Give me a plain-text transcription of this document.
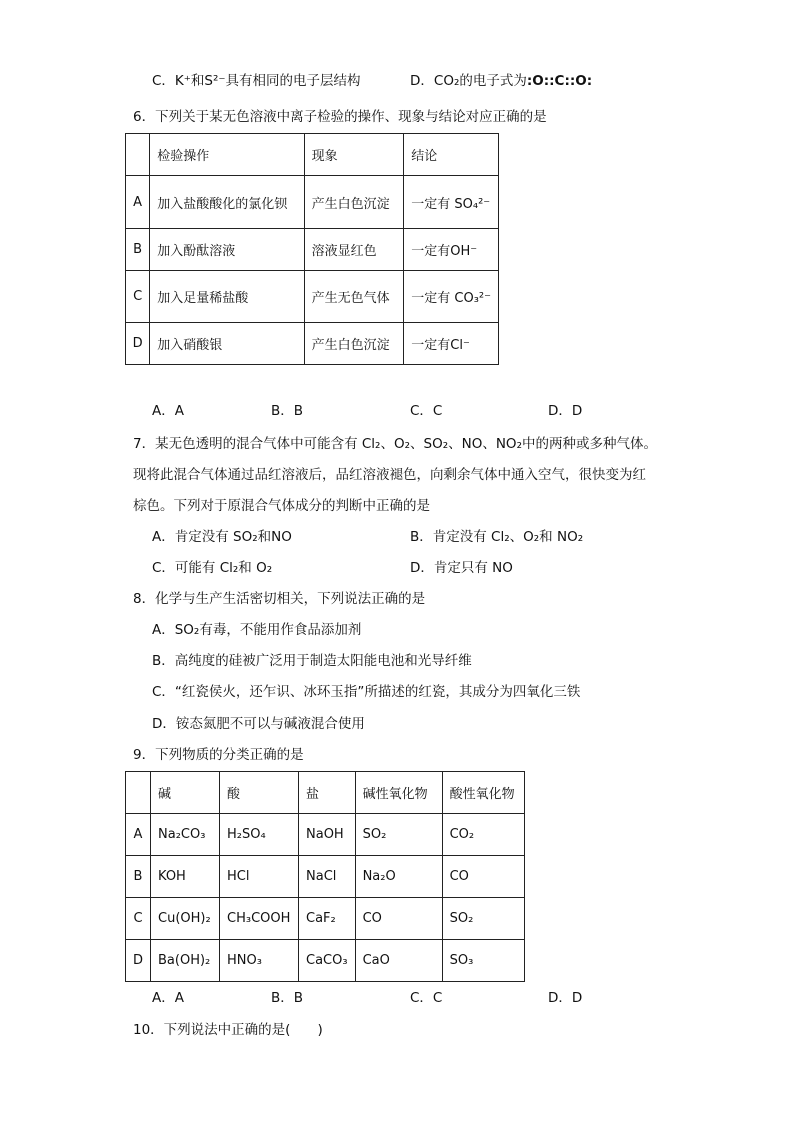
C．K⁺和S²⁻具有相同的电子层结构	D．CO₂的电子式为:O::C::O:
6．下列关于某无色溶液中离子检验的操作、现象与结论对应正确的是
	检验操作	现象	结论
A	加入盐酸酸化的氯化钡	产生白色沉淀	一定有 SO₄²⁻
B	加入酚酞溶液	溶液显红色	一定有OH⁻
C	加入足量稀盐酸	产生无色气体	一定有 CO₃²⁻
D	加入硝酸银	产生白色沉淀	一定有Cl⁻
A．A	B．B	C．C	D．D
7．某无色透明的混合气体中可能含有 Cl₂、O₂、SO₂、NO、NO₂中的两种或多种气体。
现将此混合气体通过品红溶液后，品红溶液褪色，向剩余气体中通入空气，很快变为红
棕色。下列对于原混合气体成分的判断中正确的是
A．肯定没有 SO₂和NO	B．肯定没有 Cl₂、O₂和 NO₂
C．可能有 Cl₂和 O₂	D．肯定只有 NO
8．化学与生产生活密切相关，下列说法正确的是
A．SO₂有毒，不能用作食品添加剂
B．高纯度的硅被广泛用于制造太阳能电池和光导纤维
C．“红瓷侯火，还乍识、冰环玉指”所描述的红瓷，其成分为四氧化三铁
D．铵态氮肥不可以与碱液混合使用
9．下列物质的分类正确的是
	碱	酸	盐	碱性氧化物	酸性氧化物
A	Na₂CO₃	H₂SO₄	NaOH	SO₂	CO₂
B	KOH	HCl	NaCl	Na₂O	CO
C	Cu(OH)₂	CH₃COOH	CaF₂	CO	SO₂
D	Ba(OH)₂	HNO₃	CaCO₃	CaO	SO₃
A．A	B．B	C．C	D．D
10．下列说法中正确的是(　　)
